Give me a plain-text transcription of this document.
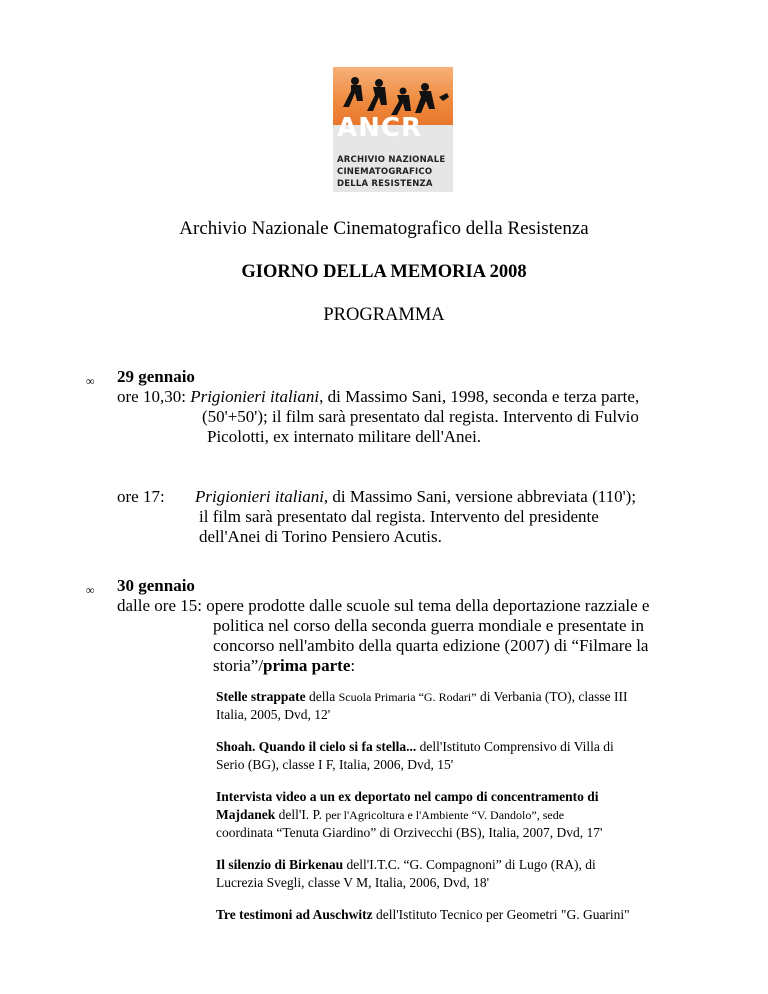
ANCR
ARCHIVIO NAZIONALE
CINEMATOGRAFICO
DELLA RESISTENZA
Archivio Nazionale Cinematografico della Resistenza
GIORNO DELLA MEMORIA 2008
PROGRAMMA
∞ 29 gennaio
ore 10,30: Prigionieri italiani, di Massimo Sani, 1998, seconda e terza parte,
(50'+50'); il film sarà presentato dal regista. Intervento di Fulvio
Picolotti, ex internato militare dell'Anei.
ore 17: Prigionieri italiani, di Massimo Sani, versione abbreviata (110');
il film sarà presentato dal regista. Intervento del presidente
dell'Anei di Torino Pensiero Acutis.
∞ 30 gennaio
dalle ore 15: opere prodotte dalle scuole sul tema della deportazione razziale e
politica nel corso della seconda guerra mondiale e presentate in
concorso nell'ambito della quarta edizione (2007) di “Filmare la
storia”/prima parte:
Stelle strappate della Scuola Primaria “G. Rodari” di Verbania (TO), classe III
Italia, 2005, Dvd, 12'
Shoah. Quando il cielo si fa stella... dell'Istituto Comprensivo di Villa di
Serio (BG), classe I F, Italia, 2006, Dvd, 15'
Intervista video a un ex deportato nel campo di concentramento di
Majdanek dell'I. P. per l'Agricoltura e l'Ambiente “V. Dandolo”, sede
coordinata “Tenuta Giardino” di Orzivecchi (BS), Italia, 2007, Dvd, 17'
Il silenzio di Birkenau dell'I.T.C. “G. Compagnoni” di Lugo (RA), di
Lucrezia Svegli, classe V M, Italia, 2006, Dvd, 18'
Tre testimoni ad Auschwitz dell'Istituto Tecnico per Geometri "G. Guarini"
